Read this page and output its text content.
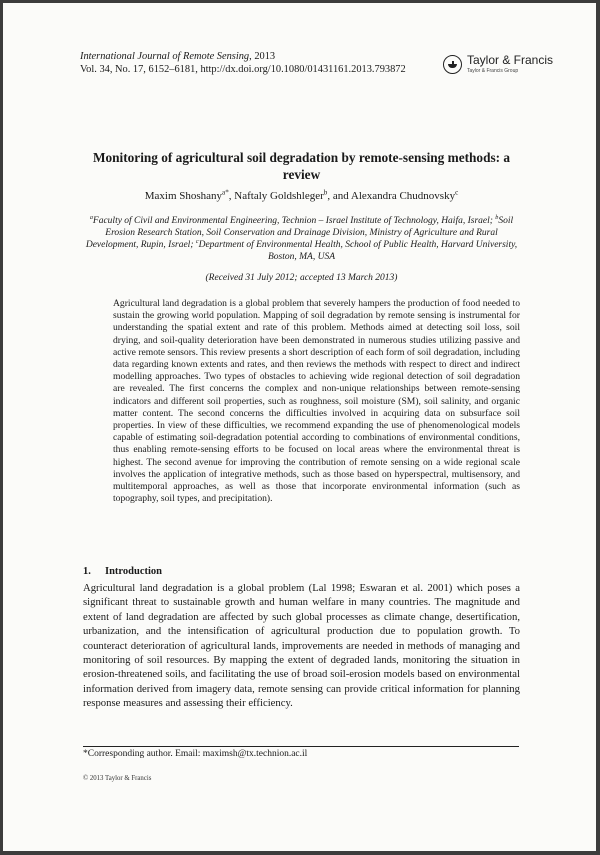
International Journal of Remote Sensing, 2013
Vol. 34, No. 17, 6152–6181, http://dx.doi.org/10.1080/01431161.2013.793872
Taylor & Francis
Taylor & Francis Group
Monitoring of agricultural soil degradation by remote-sensing methods: a review
Maxim Shoshany$^{a*}$, Naftaly Goldshleger$^b$, and Alexandra Chudnovsky$^c$
$^a$Faculty of Civil and Environmental Engineering, Technion – Israel Institute of Technology, Haifa, Israel; $^b$Soil Erosion Research Station, Soil Conservation and Drainage Division, Ministry of Agriculture and Rural Development, Rupin, Israel; $^c$Department of Environmental Health, School of Public Health, Harvard University, Boston, MA, USA
(Received 31 July 2012; accepted 13 March 2013)
Agricultural land degradation is a global problem that severely hampers the production of food needed to sustain the growing world population. Mapping of soil degradation by remote sensing is instrumental for understanding the spatial extent and rate of this problem. Methods aimed at detecting soil loss, soil drying, and soil-quality deterioration have been demonstrated in numerous studies utilizing passive and active remote sensors. This review presents a short description of each form of soil degradation, including data regarding known extents and rates, and then reviews the methods with respect to direct and indirect modelling approaches. Two types of obstacles to achieving wide regional detection of soil degradation are revealed. The first concerns the complex and non-unique relationships between remote-sensing indicators and different soil properties, such as roughness, soil moisture (SM), soil salinity, and organic matter content. The second concerns the difficulties involved in acquiring data on subsurface soil properties. In view of these difficulties, we recommend expanding the use of phenomenological models capable of estimating soil-degradation potential according to combinations of environmental conditions, thus enabling remote-sensing efforts to be focused on local areas where the environmental threat is highest. The second avenue for improving the contribution of remote sensing on a wide regional scale involves the application of integrative methods, such as those based on hyperspectral, multisensory, and multitemporal approaches, as well as those that incorporate environmental information (such as topography, soil types, and precipitation).
1. Introduction
Agricultural land degradation is a global problem (Lal 1998; Eswaran et al. 2001) which poses a significant threat to sustainable growth and human welfare in many countries. The magnitude and extent of land degradation are affected by such global processes as climate change, desertification, urbanization, and the intensification of agricultural production due to population growth. To counteract deterioration of agricultural lands, improvements are needed in methods of managing and monitoring of soil resources. By mapping the extent of degraded lands, monitoring the situation in erosion-threatened soils, and facilitating the use of broad soil-erosion models based on environmental information derived from imagery data, remote sensing can provide critical information for planning response measures and assessing their efficiency.
*Corresponding author. Email: maximsh@tx.technion.ac.il
© 2013 Taylor & Francis
